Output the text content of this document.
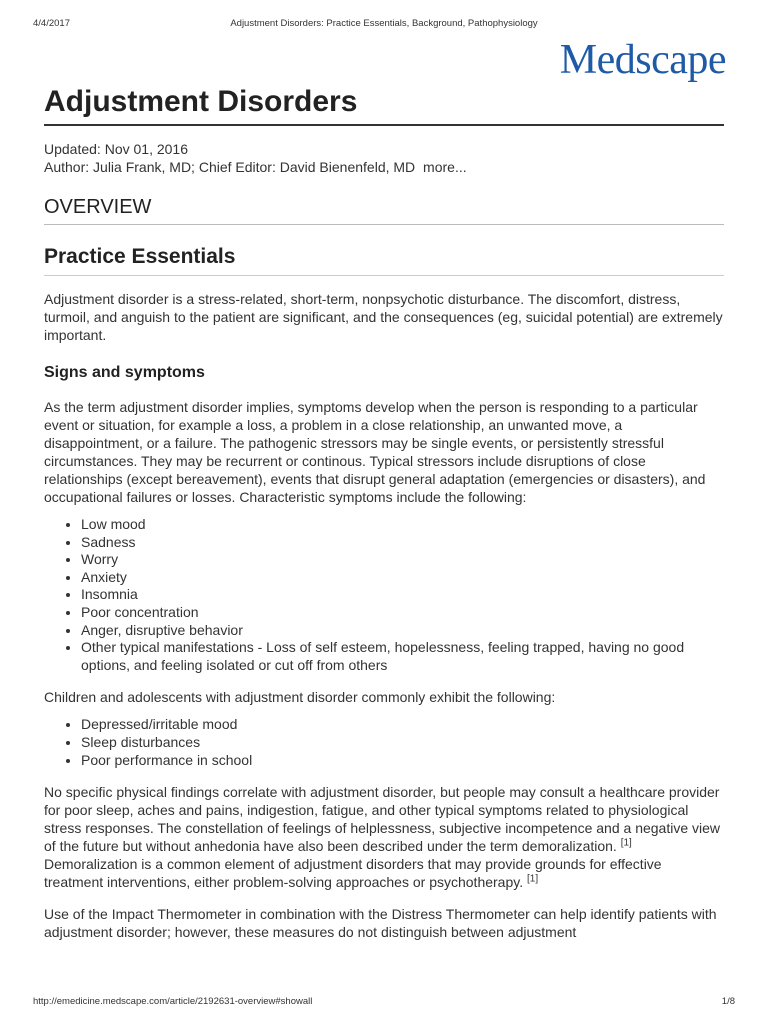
4/4/2017	Adjustment Disorders: Practice Essentials, Background, Pathophysiology
Medscape
Adjustment Disorders
Updated: Nov 01, 2016
Author: Julia Frank, MD; Chief Editor: David Bienenfeld, MD more...
OVERVIEW
Practice Essentials

Adjustment disorder is a stress-related, short-term, nonpsychotic disturbance. The discomfort, distress, turmoil, and anguish to the patient are significant, and the consequences (eg, suicidal potential) are extremely important.

Signs and symptoms

As the term adjustment disorder implies, symptoms develop when the person is responding to a particular event or situation, for example a loss, a problem in a close relationship, an unwanted move, a disappointment, or a failure. The pathogenic stressors may be single events, or persistently stressful circumstances. They may be recurrent or continous. Typical stressors include disruptions of close relationships (except bereavement), events that disrupt general adaptation (emergencies or disasters), and occupational failures or losses. Characteristic symptoms include the following:

• Low mood
• Sadness
• Worry
• Anxiety
• Insomnia
• Poor concentration
• Anger, disruptive behavior
• Other typical manifestations - Loss of self esteem, hopelessness, feeling trapped, having no good options, and feeling isolated or cut off from others

Children and adolescents with adjustment disorder commonly exhibit the following:

• Depressed/irritable mood
• Sleep disturbances
• Poor performance in school

No specific physical findings correlate with adjustment disorder, but people may consult a healthcare provider for poor sleep, aches and pains, indigestion, fatigue, and other typical symptoms related to physiological stress responses. The constellation of feelings of helplessness, subjective incompetence and a negative view of the future but without anhedonia have also been described under the term demoralization. [1] Demoralization is a common element of adjustment disorders that may provide grounds for effective treatment interventions, either problem-solving approaches or psychotherapy. [1]

Use of the Impact Thermometer in combination with the Distress Thermometer can help identify patients with adjustment disorder; however, these measures do not distinguish between adjustment

http://emedicine.medscape.com/article/2192631-overview#showall	1/8
